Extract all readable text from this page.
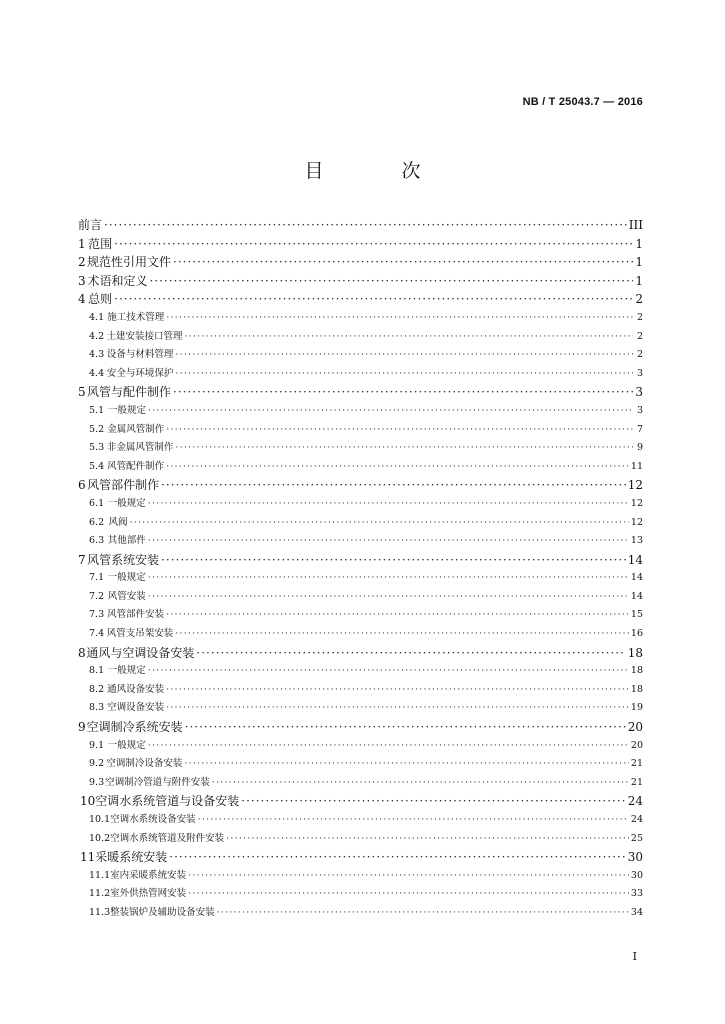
NB / T 25043.7 — 2016
目 次
前言 ·····	III
1 范围 ·····	1
2 规范性引用文件 ·····	1
3 术语和定义 ·····	1
4 总则 ·····	2
4.1 施工技术管理 ·····	2
4.2 土建安装接口管理 ·····	2
4.3 设备与材料管理 ·····	2
4.4 安全与环境保护 ·····	3
5 风管与配件制作 ·····	3
5.1 一般规定 ·····	3
5.2 金属风管制作 ·····	7
5.3 非金属风管制作 ·····	9
5.4 风管配件制作 ·····	11
6 风管部件制作 ·····	12
6.1 一般规定 ·····	12
6.2 风阀 ·····	12
6.3 其他部件 ·····	13
7 风管系统安装 ·····	14
7.1 一般规定 ·····	14
7.2 风管安装 ·····	14
7.3 风管部件安装 ·····	15
7.4 风管支吊架安装 ·····	16
8 通风与空调设备安装 ·····	18
8.1 一般规定 ·····	18
8.2 通风设备安装 ·····	18
8.3 空调设备安装 ·····	19
9 空调制冷系统安装 ·····	20
9.1 一般规定 ·····	20
9.2 空调制冷设备安装 ·····	21
9.3 空调制冷管道与附件安装 ·····	21
10 空调水系统管道与设备安装 ·····	24
10.1 空调水系统设备安装 ·····	24
10.2 空调水系统管道及附件安装 ·····	25
11 采暖系统安装 ·····	30
11.1 室内采暖系统安装 ·····	30
11.2 室外供热管网安装 ·····	33
11.3 整装锅炉及辅助设备安装 ·····	34
I
